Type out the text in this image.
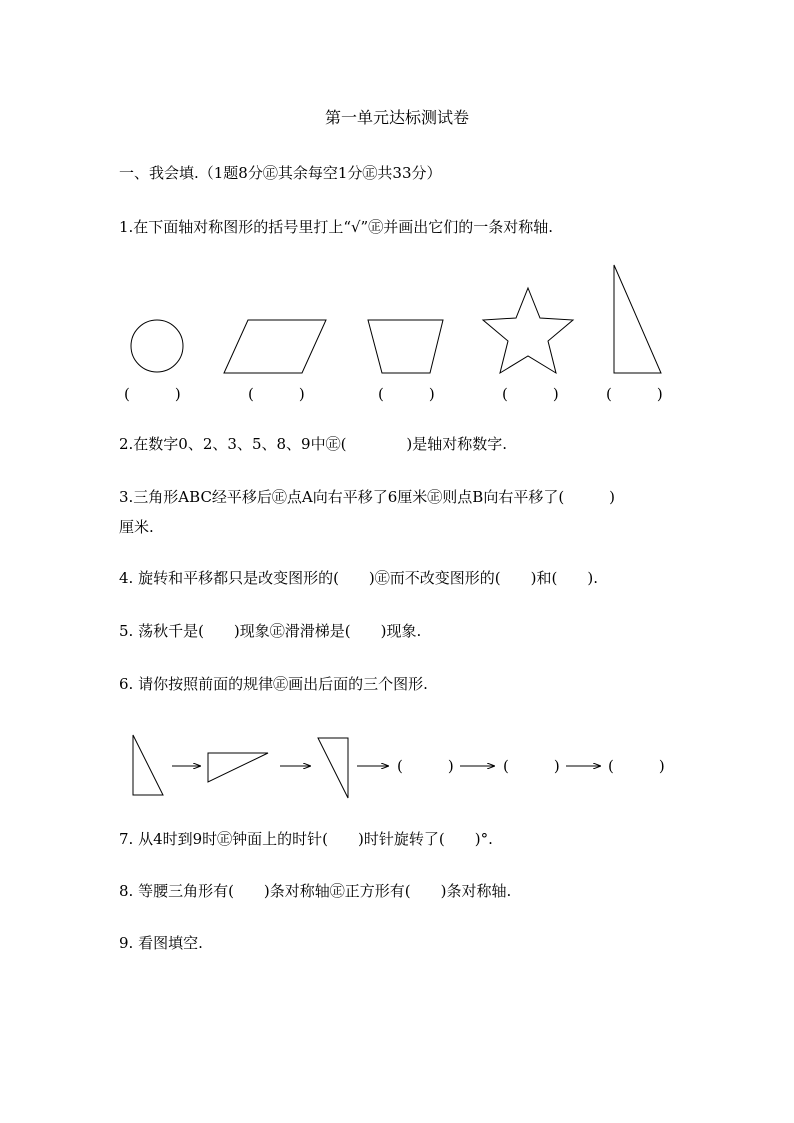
第一单元达标测试卷
一、我会填.（1题8分㊣其余每空1分㊣共33分）
1.在下面轴对称图形的括号里打上“√”㊣并画出它们的一条对称轴.
(　　　)	(　　　)	(　　　)	(　　　)	(　　　)
2.在数字0、2、3、5、8、9中㊣(　　　　)是轴对称数字.
3.三角形ABC经平移后㊣点A向右平移了6厘米㊣则点B向右平移了(　　　)
厘米.
4. 旋转和平移都只是改变图形的(　　)㊣而不改变图形的(　　)和(　　).
5. 荡秋千是(　　)现象㊣滑滑梯是(　　)现象.
6. 请你按照前面的规律㊣画出后面的三个图形.
(　　　)	(　　　)	(　　　)
7. 从4时到9时㊣钟面上的时针(　　)时针旋转了(　　)°.
8. 等腰三角形有(　　)条对称轴㊣正方形有(　　)条对称轴.
9. 看图填空.
